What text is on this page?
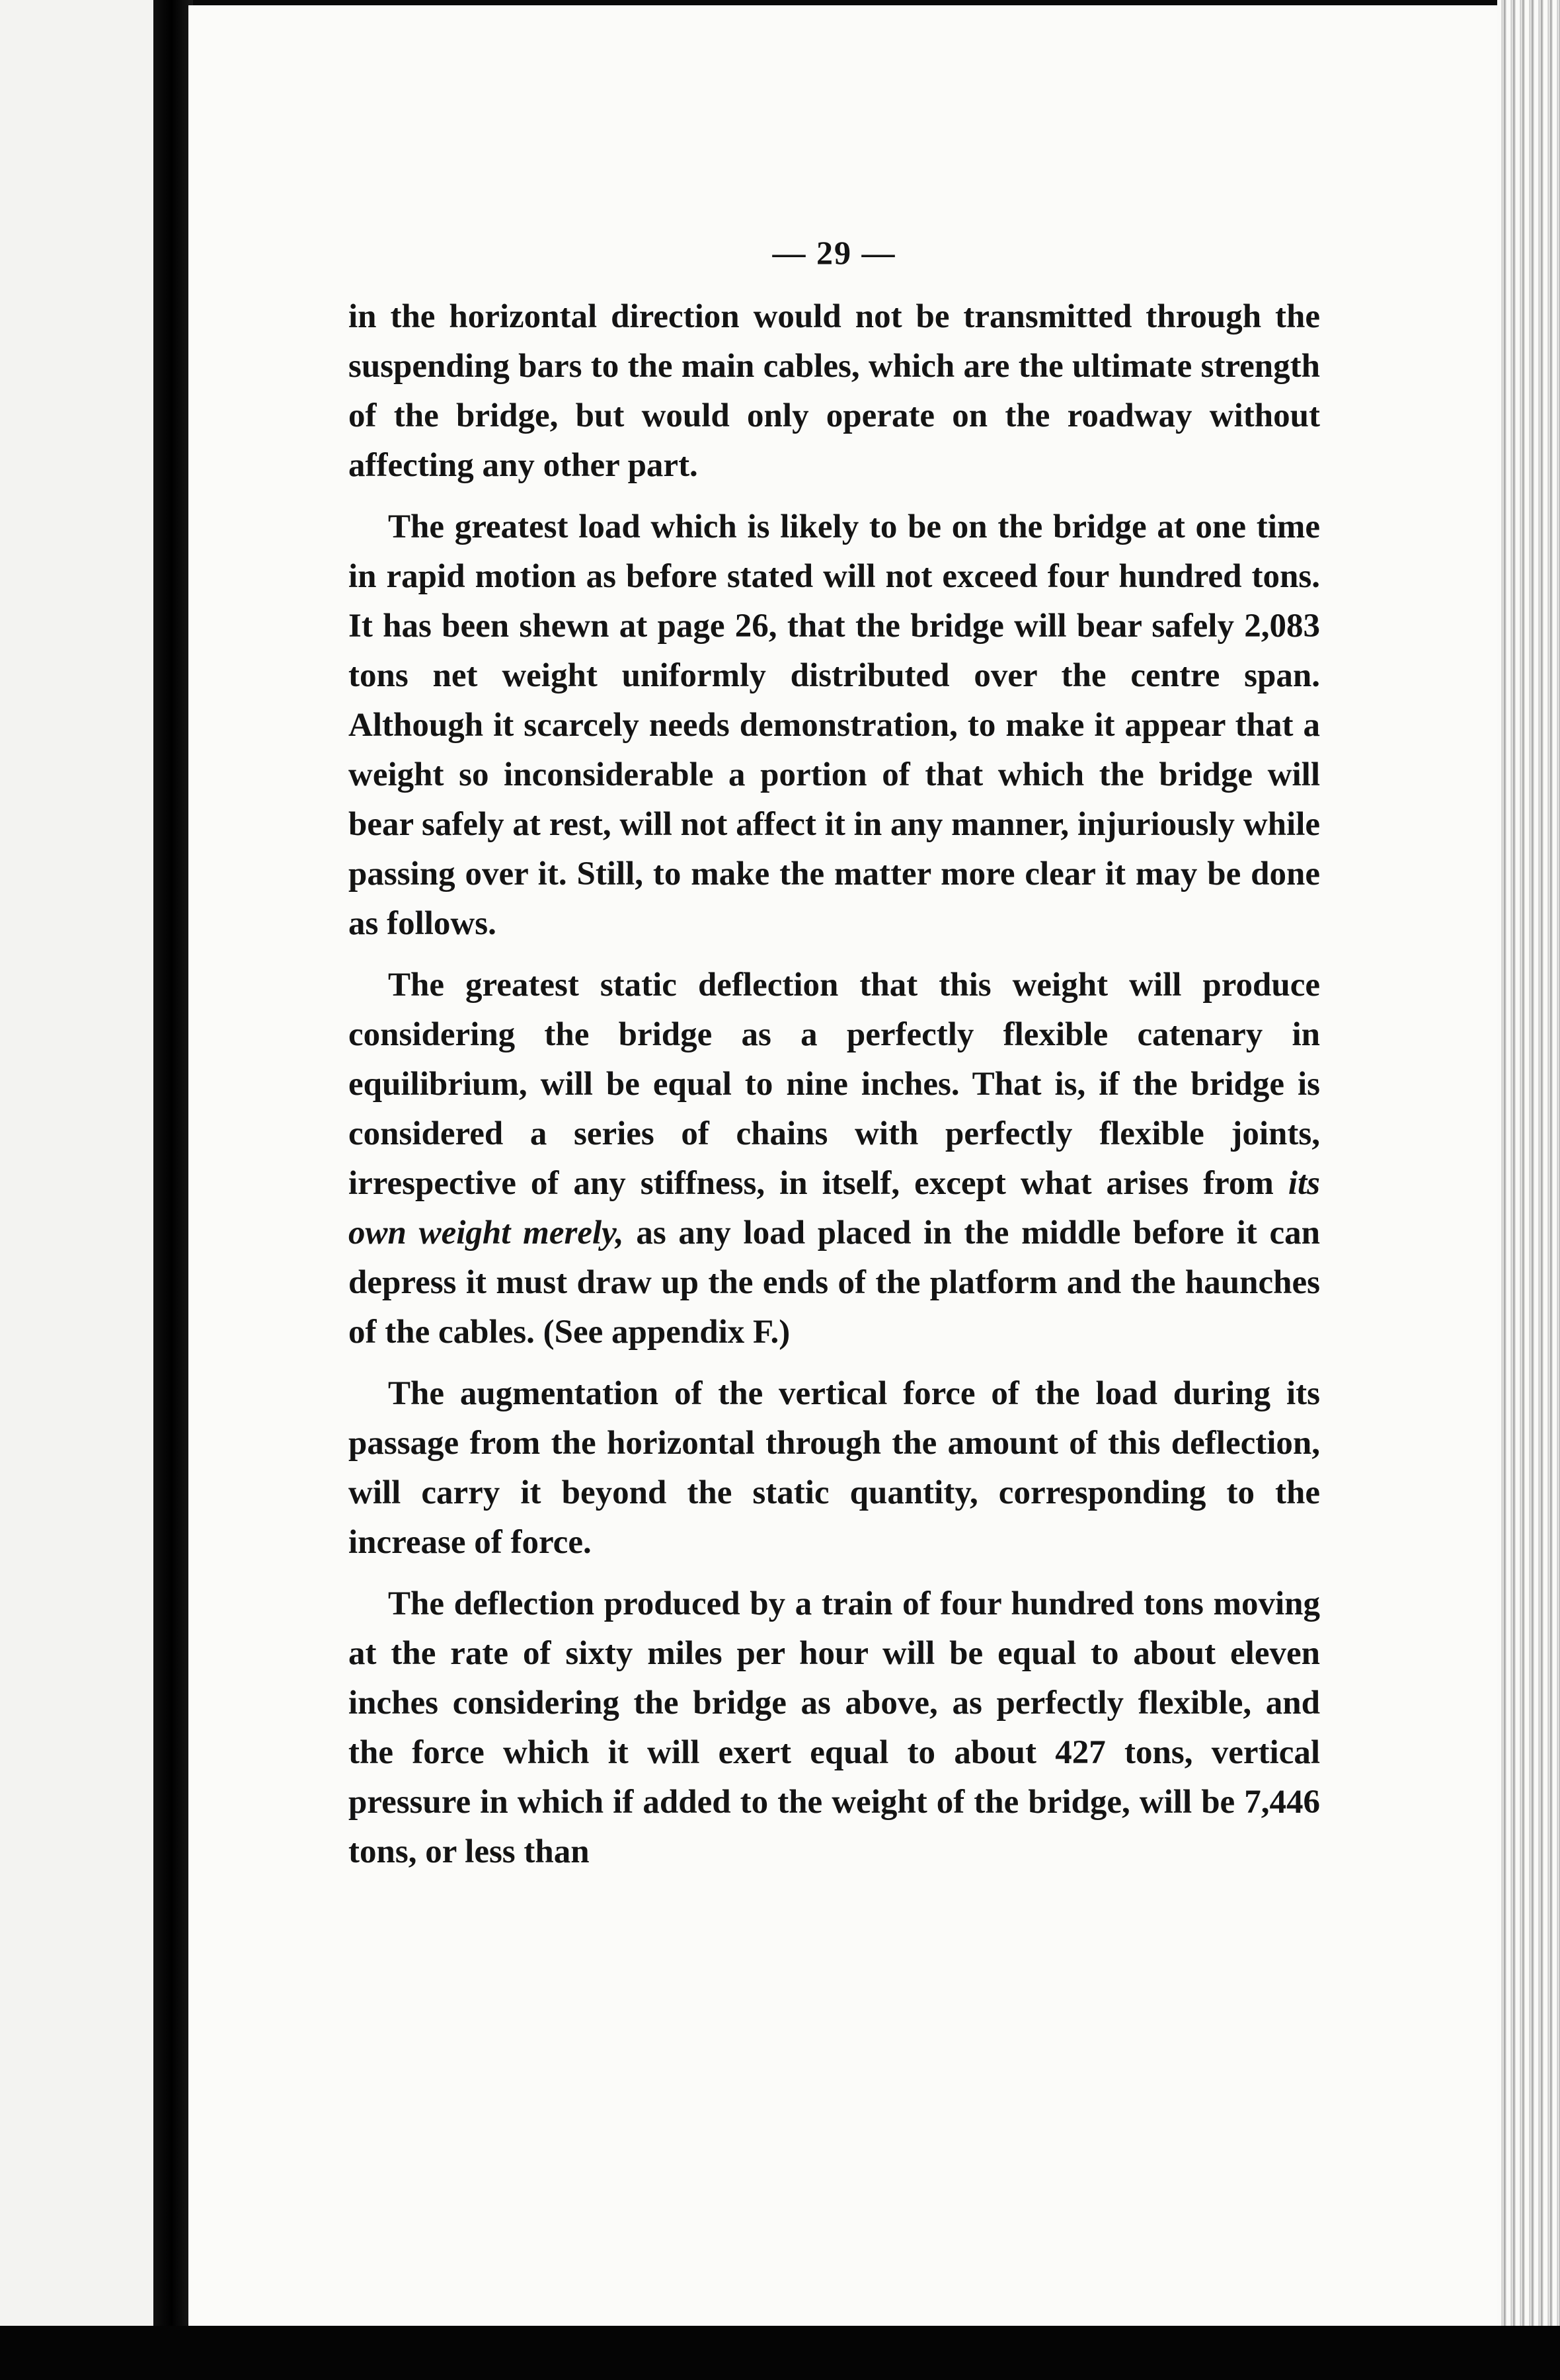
— 29 —

in the horizontal direction would not be transmitted through the suspending bars to the main cables, which are the ultimate strength of the bridge, but would only operate on the roadway without affecting any other part.

The greatest load which is likely to be on the bridge at one time in rapid motion as before stated will not exceed four hundred tons. It has been shewn at page 26, that the bridge will bear safely 2,083 tons net weight uniformly distributed over the centre span. Although it scarcely needs demonstration, to make it appear that a weight so inconsiderable a portion of that which the bridge will bear safely at rest, will not affect it in any manner, injuriously while passing over it. Still, to make the matter more clear it may be done as follows.

The greatest static deflection that this weight will produce considering the bridge as a perfectly flexible catenary in equilibrium, will be equal to nine inches. That is, if the bridge is considered a series of chains with perfectly flexible joints, irrespective of any stiffness, in itself, except what arises from its own weight merely, as any load placed in the middle before it can depress it must draw up the ends of the platform and the haunches of the cables. (See appendix F.)

The augmentation of the vertical force of the load during its passage from the horizontal through the amount of this deflection, will carry it beyond the static quantity, corresponding to the increase of force.

The deflection produced by a train of four hundred tons moving at the rate of sixty miles per hour will be equal to about eleven inches considering the bridge as above, as perfectly flexible, and the force which it will exert equal to about 427 tons, vertical pressure in which if added to the weight of the bridge, will be 7,446 tons, or less than
